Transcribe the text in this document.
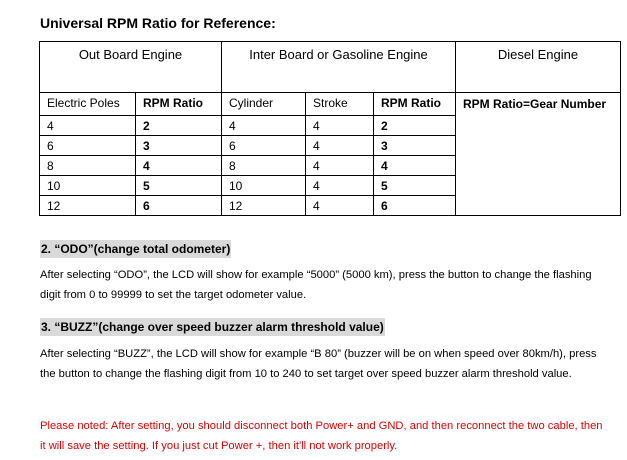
Universal RPM Ratio for Reference:
Out Board Engine		Inter Board or Gasoline Engine			Diesel Engine
Electric Poles	RPM Ratio	Cylinder	Stroke	RPM Ratio	RPM Ratio=Gear Number
4	2	4	4	2	
6	3	6	4	3	
8	4	8	4	4	
10	5	10	4	5	
12	6	12	4	6	
2. “ODO”(change total odometer)
After selecting “ODO”, the LCD will show for example “5000” (5000 km), press the button to change the flashing digit from 0 to 99999 to set the target odometer value.
3. “BUZZ”(change over speed buzzer alarm threshold value)
After selecting “BUZZ”, the LCD will show for example “B 80” (buzzer will be on when speed over 80km/h), press the button to change the flashing digit from 10 to 240 to set target over speed buzzer alarm threshold value.
Please noted: After setting, you should disconnect both Power+ and GND, and then reconnect the two cable, then it will save the setting. If you just cut Power +, then it'll not work properly.
